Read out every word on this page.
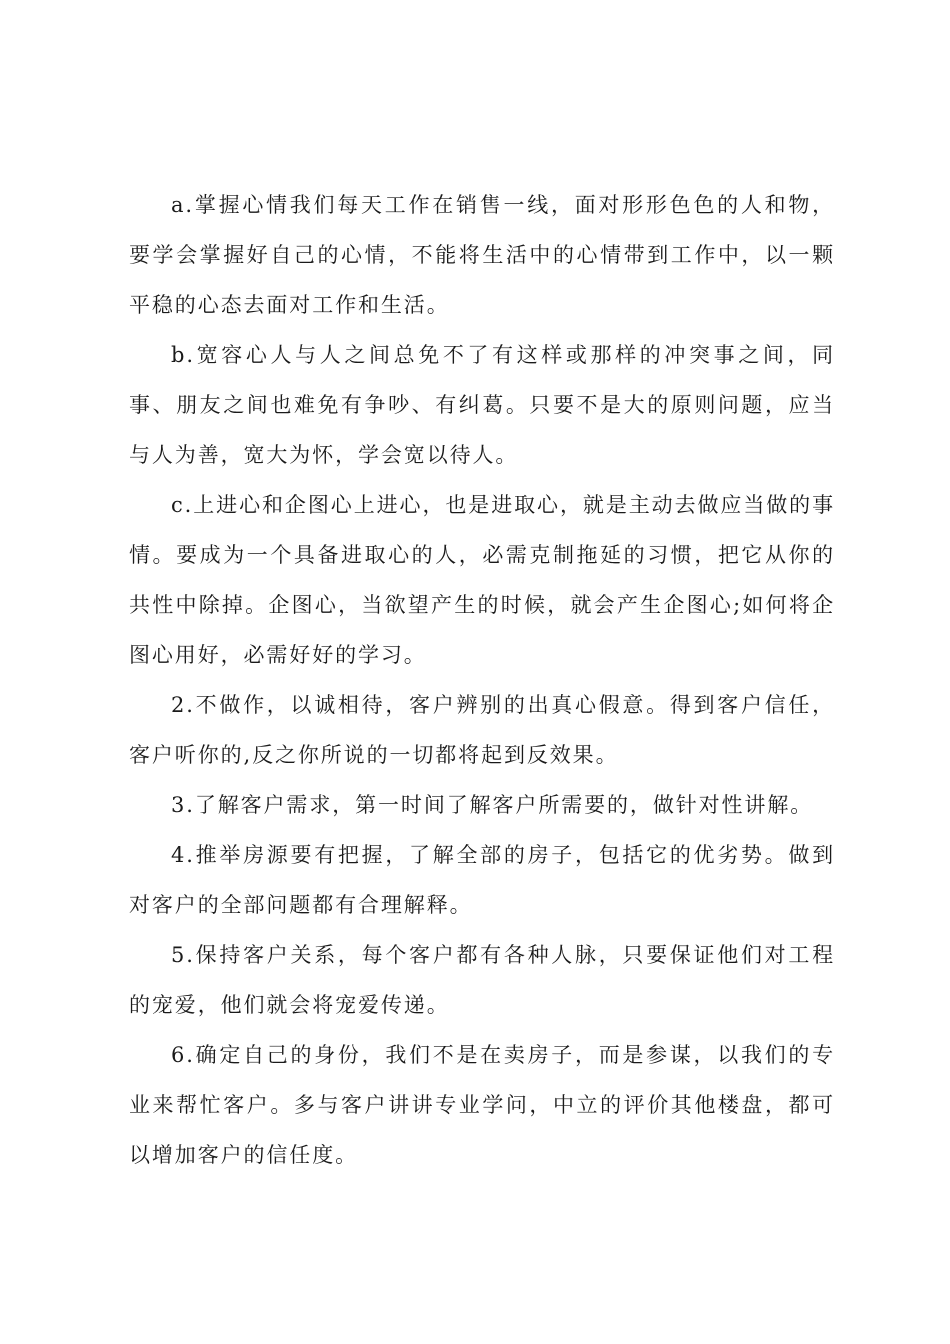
a.掌握心情我们每天工作在销售一线，面对形形色色的人和物，要学会掌握好自己的心情，不能将生活中的心情带到工作中，以一颗平稳的心态去面对工作和生活。

b.宽容心人与人之间总免不了有这样或那样的冲突事之间，同事、朋友之间也难免有争吵、有纠葛。只要不是大的原则问题，应当与人为善，宽大为怀，学会宽以待人。

c.上进心和企图心上进心，也是进取心，就是主动去做应当做的事情。要成为一个具备进取心的人，必需克制拖延的习惯，把它从你的共性中除掉。企图心，当欲望产生的时候，就会产生企图心;如何将企图心用好，必需好好的学习。

2.不做作，以诚相待，客户辨别的出真心假意。得到客户信任，客户听你的,反之你所说的一切都将起到反效果。

3.了解客户需求，第一时间了解客户所需要的，做针对性讲解。

4.推举房源要有把握，了解全部的房子，包括它的优劣势。做到对客户的全部问题都有合理解释。

5.保持客户关系，每个客户都有各种人脉，只要保证他们对工程的宠爱，他们就会将宠爱传递。

6.确定自己的身份，我们不是在卖房子，而是参谋，以我们的专业来帮忙客户。多与客户讲讲专业学问，中立的评价其他楼盘，都可以增加客户的信任度。
